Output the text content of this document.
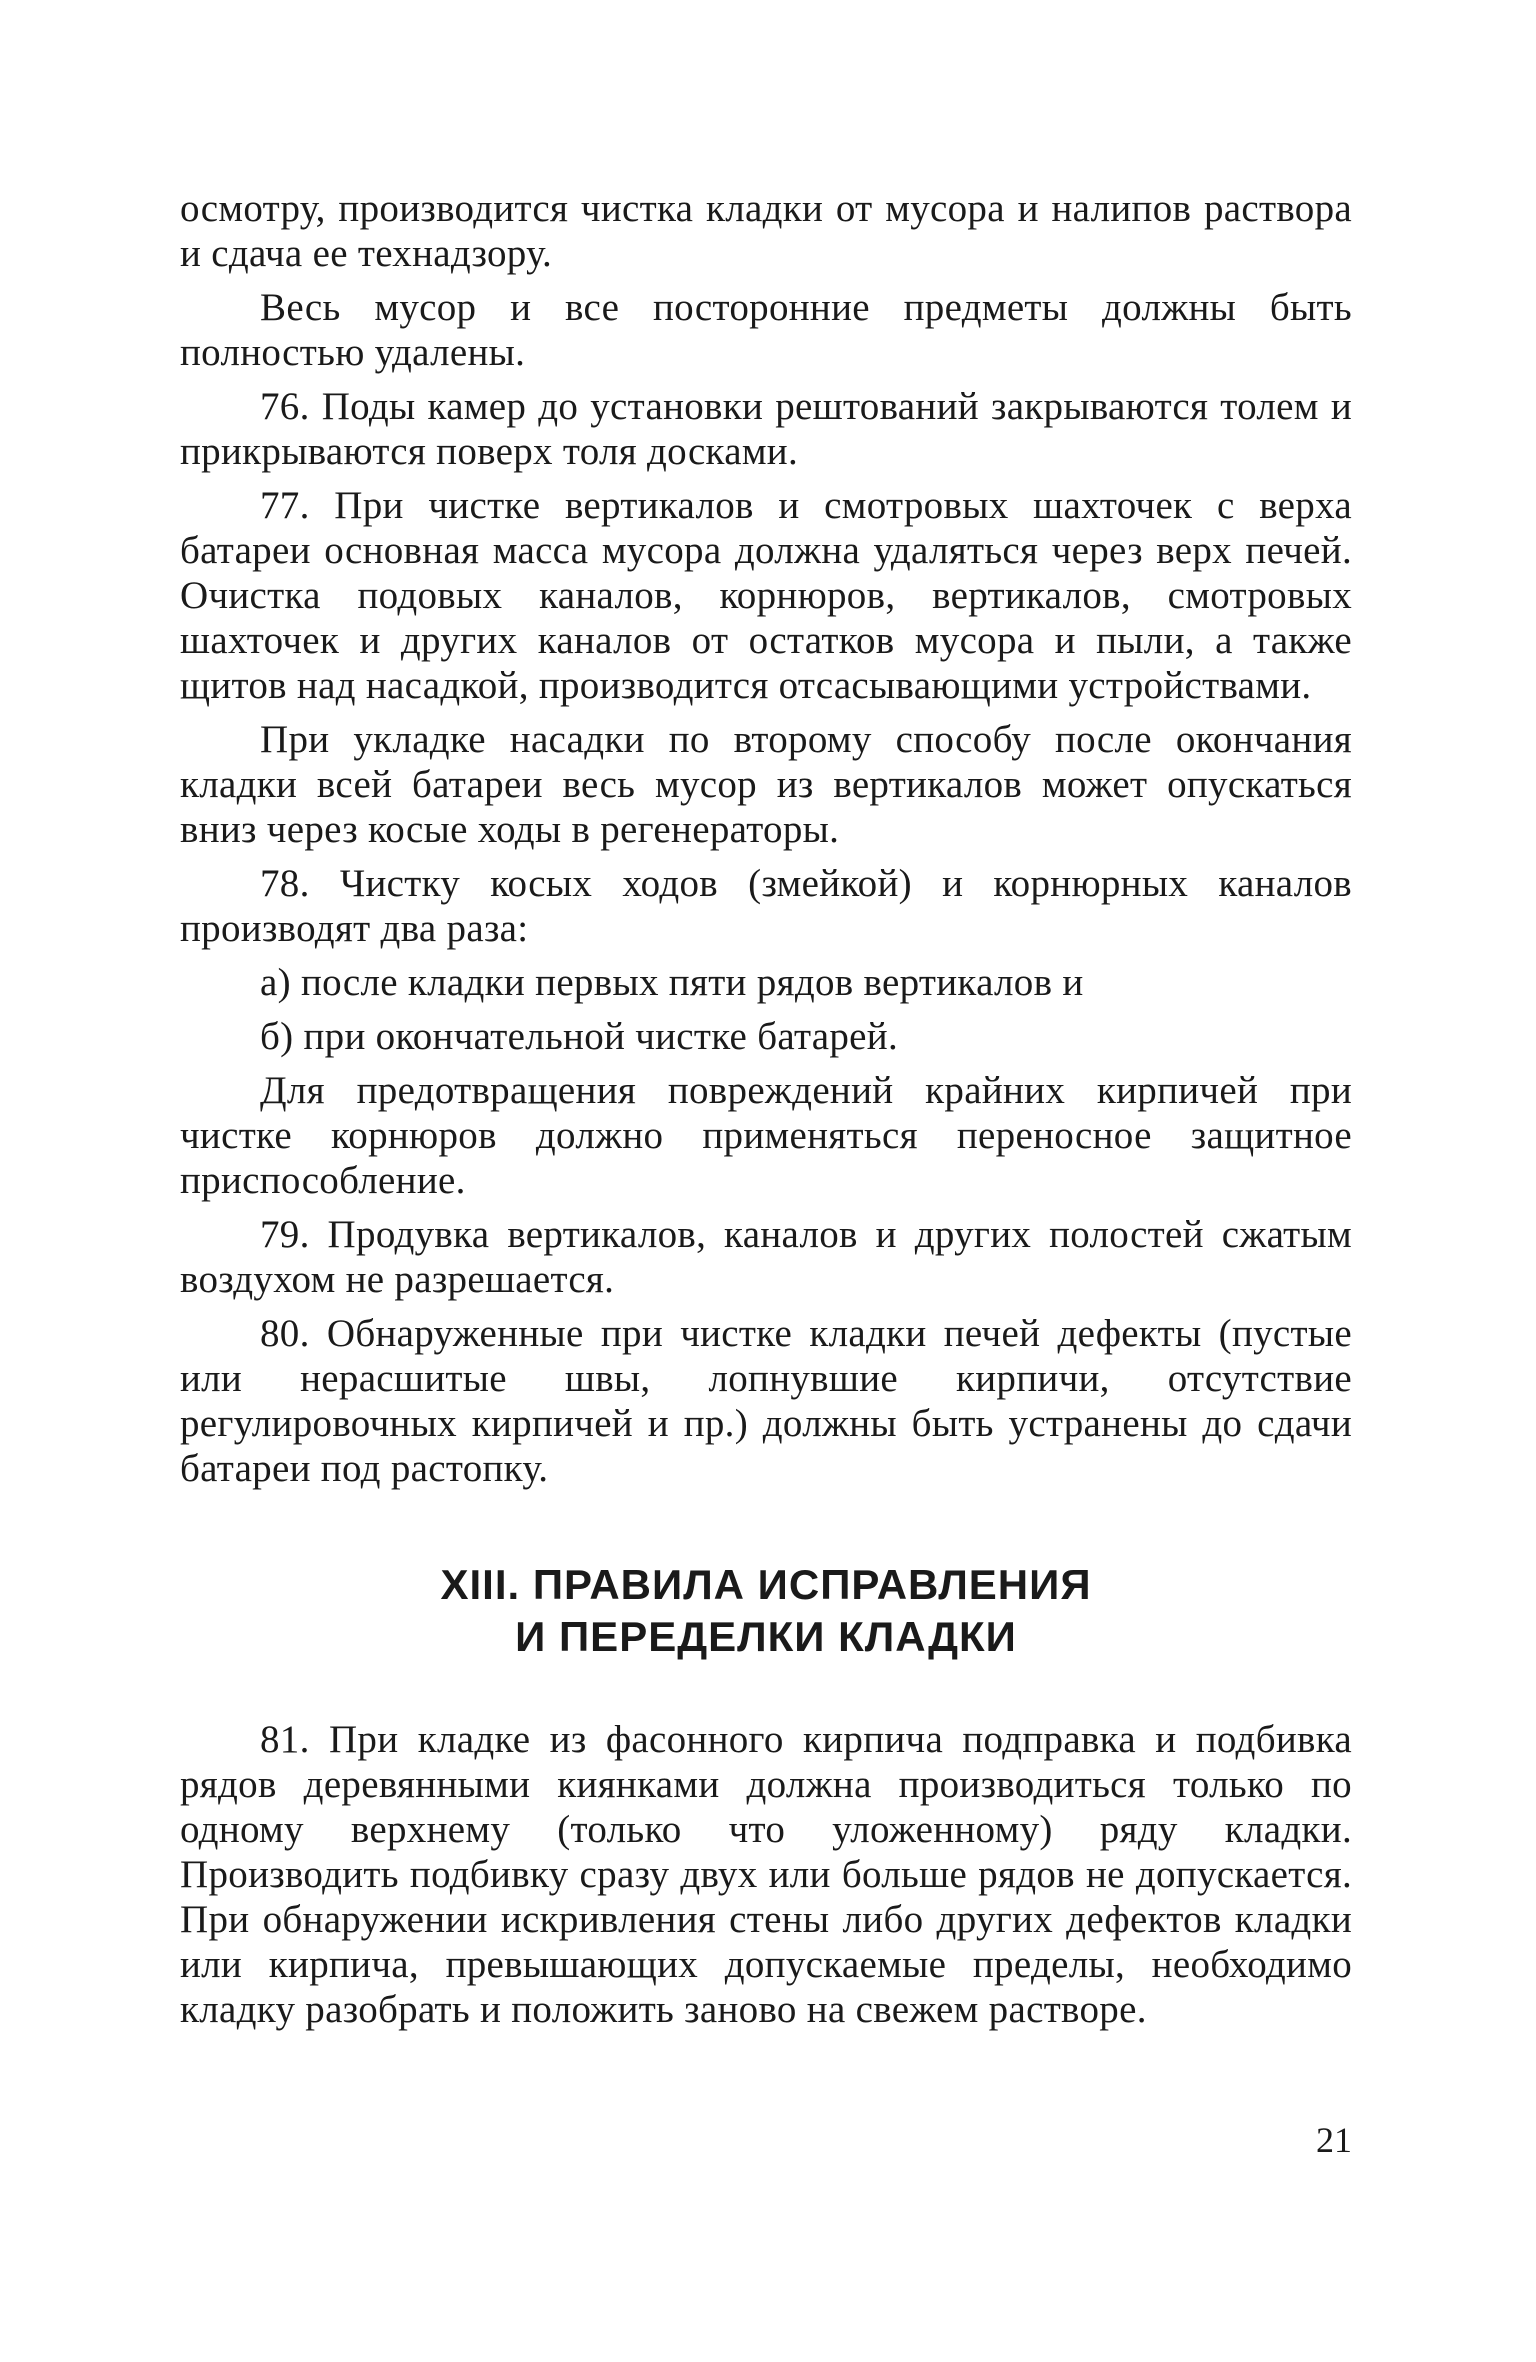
осмотру, производится чистка кладки от мусора и налипов раствора и сдача ее технадзору.

Весь мусор и все посторонние предметы должны быть полностью удалены.

76. Поды камер до установки рештований закрываются толем и прикрываются поверх толя досками.

77. При чистке вертикалов и смотровых шахточек с верха батареи основная масса мусора должна удаляться через верх печей. Очистка подовых каналов, корнюров, вертикалов, смотровых шахточек и других каналов от остатков мусора и пыли, а также щитов над насадкой, производится отсасывающими устройствами.

При укладке насадки по второму способу после окончания кладки всей батареи весь мусор из вертикалов может опускаться вниз через косые ходы в регенераторы.

78. Чистку косых ходов (змейкой) и корнюрных каналов производят два раза:

а) после кладки первых пяти рядов вертикалов и

б) при окончательной чистке батарей.

Для предотвращения повреждений крайних кирпичей при чистке корнюров должно применяться переносное защитное приспособление.

79. Продувка вертикалов, каналов и других полостей сжатым воздухом не разрешается.

80. Обнаруженные при чистке кладки печей дефекты (пустые или нерасшитые швы, лопнувшие кирпичи, отсутствие регулировочных кирпичей и пр.) должны быть устранены до сдачи батареи под растопку.

XIII. ПРАВИЛА ИСПРАВЛЕНИЯ
И ПЕРЕДЕЛКИ КЛАДКИ

81. При кладке из фасонного кирпича подправка и подбивка рядов деревянными киянками должна производиться только по одному верхнему (только что уложенному) ряду кладки. Производить подбивку сразу двух или больше рядов не допускается. При обнаружении искривления стены либо других дефектов кладки или кирпича, превышающих допускаемые пределы, необходимо кладку разобрать и положить заново на свежем растворе.

21
